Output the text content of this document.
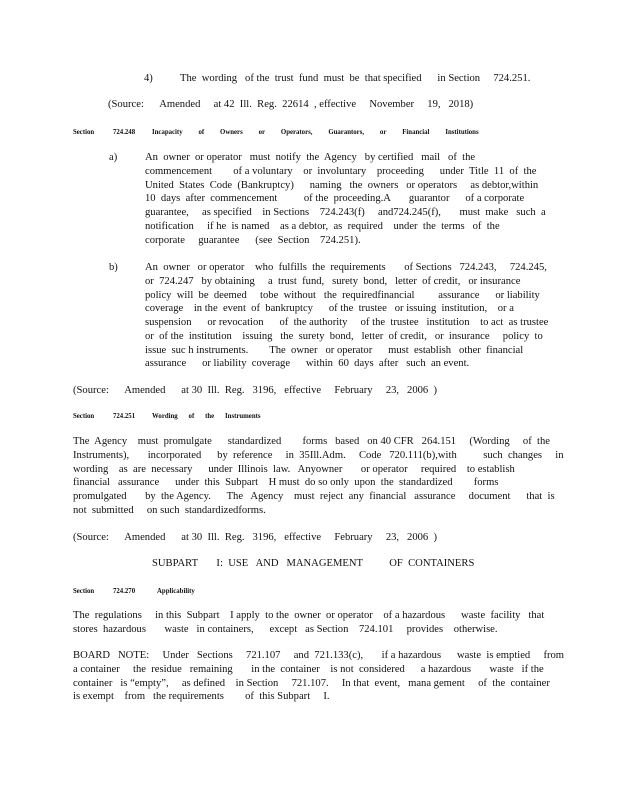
4)	The  wording   of the  trust  fund  must  be  that specified      in Section     724.251.
(Source:      Amended     at 42  Ill.  Reg.  22614  , effective     November     19,   2018)
Section	724.248 Incapacity of Owners or Operators, Guarantors, or Financial Institutions
a)	An  owner  or operator   must  notify  the  Agency   by certified   mail   of  the
commencement        of a voluntary    or  involuntary    proceeding      under  Title  11  of  the
United  States  Code  (Bankruptcy)      naming   the  owners   or operators     as debtor,within
10  days  after  commencement          of the  proceeding.A       guarantor      of a corporate
guarantee,     as specified    in Sections    724.243(f)     and724.245(f),       must  make   such  a
notification     if he  is named    as a debtor,  as  required    under  the  terms   of  the
corporate     guarantee      (see  Section    724.251).
b)	An  owner   or operator    who  fulfills  the  requirements       of Sections   724.243,     724.245,
or  724.247   by obtaining     a  trust  fund,   surety  bond,   letter  of credit,   or insurance
policy  will  be  deemed     tobe  without   the  requiredfinancial         assurance      or liability
coverage    in the  event  of  bankruptcy      of the  trustee   or issuing  institution,    or a
suspension      or revocation      of  the authority     of the  trustee   institution    to act  as trustee
or  of the  institution    issuing   the  surety  bond,   letter  of credit,   or  insurance     policy  to
issue  suc h instruments.        The  owner   or operator      must  establish   other  financial
assurance      or liability  coverage      within  60  days  after   such  an event.
(Source:      Amended      at 30  Ill.  Reg.   3196,   effective     February     23,   2006  )
Section	724.251 Wording of the Instruments
The  Agency    must  promulgate      standardized        forms   based   on 40 CFR   264.151     (Wording     of  the
Instruments),       incorporated      by  reference     in  35Ill.Adm.     Code   720.111(b),with          such  changes     in
wording    as  are  necessary      under  Illinois  law.   Anyowner       or operator     required    to establish
financial   assurance      under  this  Subpart    H must  do so only  upon  the  standardized        forms
promulgated       by  the Agency.      The   Agency    must  reject  any  financial   assurance     document      that  is
not  submitted     on such  standardizedforms.
(Source:      Amended      at 30  Ill.  Reg.   3196,   effective     February     23,   2006  )
SUBPART       I:  USE   AND   MANAGEMENT          OF  CONTAINERS
Section	724.270	Applicability
The  regulations     in this  Subpart    I apply  to the  owner  or operator    of a hazardous      waste  facility   that
stores  hazardous       waste   in containers,      except   as Section    724.101     provides    otherwise.
BOARD   NOTE:     Under   Sections     721.107     and  721.133(c),       if a hazardous      waste  is emptied     from
a container     the  residue   remaining       in the  container    is not  considered      a hazardous       waste   if the
container   is “empty”,     as defined    in Section     721.107.     In that  event,   mana gement     of  the  container
is exempt    from   the requirements        of  this Subpart     I.
